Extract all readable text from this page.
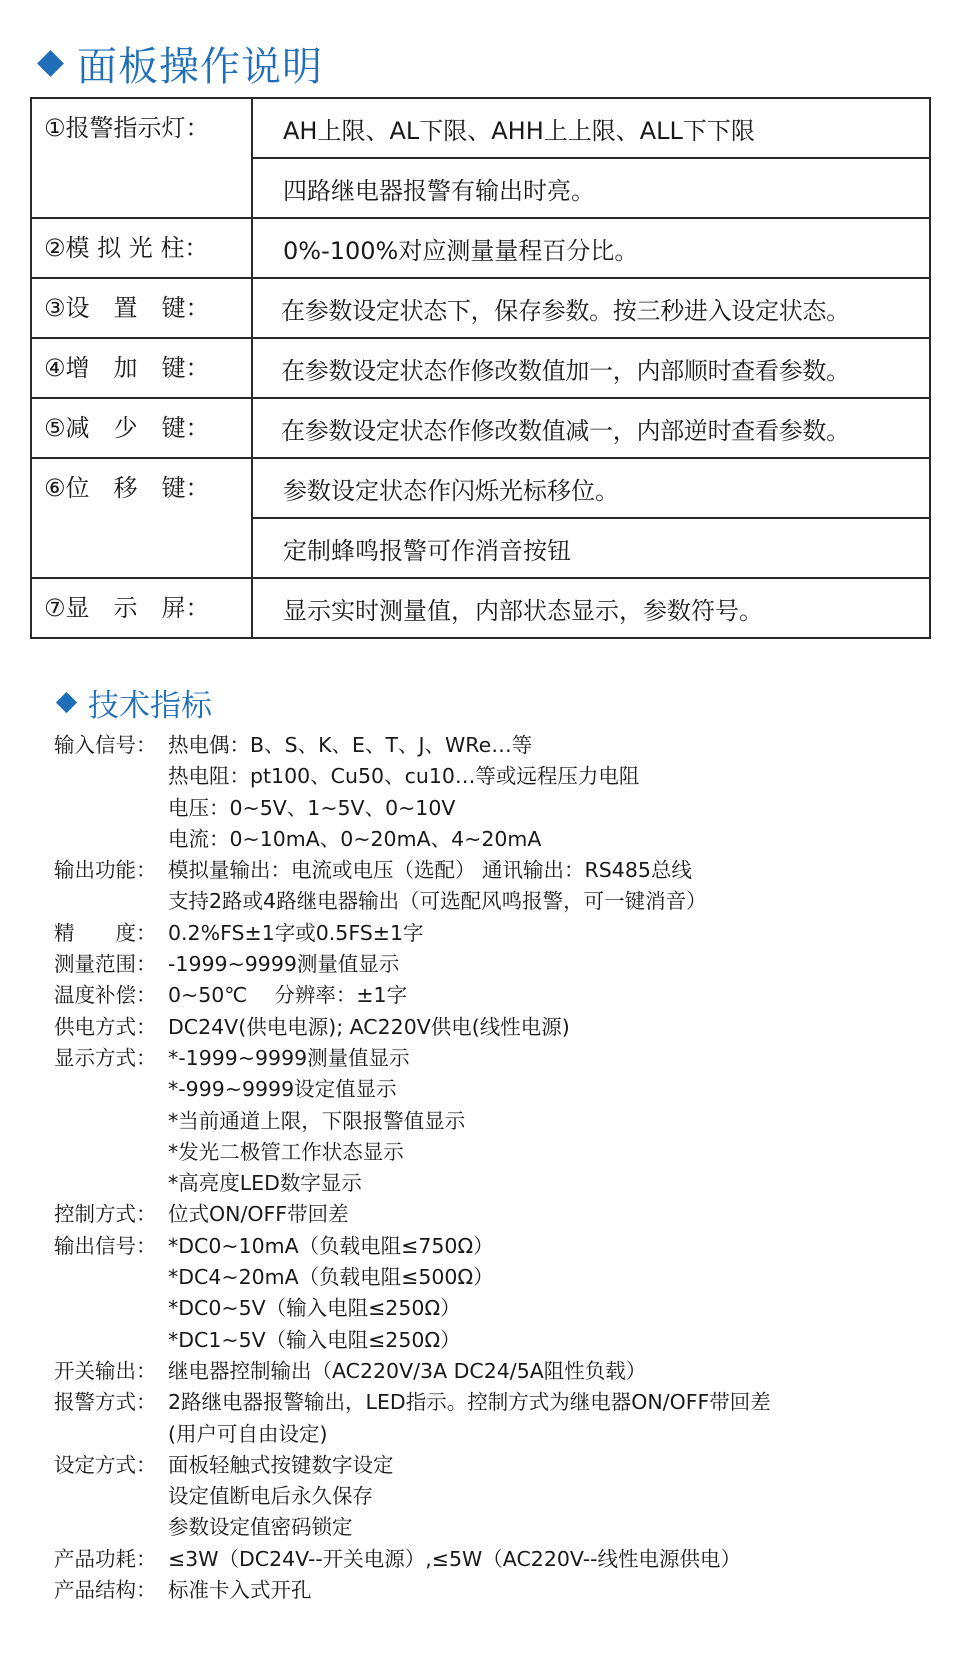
面板操作说明
①报警指示灯：	AH上限、AL下限、AHH上上限、ALL下下限
	四路继电器报警有输出时亮。

②模 拟 光 柱：	0%-100%对应测量量程百分比。

③设　置　键：	在参数设定状态下，保存参数。按三秒进入设定状态。

④增　加　键：	在参数设定状态作修改数值加一，内部顺时查看参数。

⑤减　少　键：	在参数设定状态作修改数值减一，内部逆时查看参数。

⑥位　移　键：	参数设定状态作闪烁光标移位。
	定制蜂鸣报警可作消音按钮

⑦显　示　屏：	显示实时测量值，内部状态显示，参数符号。
技术指标
输入信号： 热电偶：B、S、K、E、T、J、WRe…等
热电阻：pt100、Cu50、cu10…等或远程压力电阻
电压：0~5V、1~5V、0~10V
电流：0~10mA、0~20mA、4~20mA
输出功能： 模拟量输出：电流或电压（选配） 通讯输出：RS485总线
支持2路或4路继电器输出（可选配风鸣报警，可一键消音）
精　　度： 0.2%FS±1字或0.5FS±1字
测量范围： -1999~9999测量值显示
温度补偿： 0~50℃　 分辨率：±1字
供电方式： DC24V(供电电源); AC220V供电(线性电源)
显示方式： *-1999~9999测量值显示
*-999~9999设定值显示
*当前通道上限，下限报警值显示
*发光二极管工作状态显示
*高亮度LED数字显示
控制方式： 位式ON/OFF带回差
输出信号： *DC0~10mA（负载电阻≤750Ω）
*DC4~20mA（负载电阻≤500Ω）
*DC0~5V（输入电阻≤250Ω）
*DC1~5V（输入电阻≤250Ω）
开关输出： 继电器控制输出（AC220V/3A DC24/5A阻性负载）
报警方式： 2路继电器报警输出，LED指示。控制方式为继电器ON/OFF带回差
(用户可自由设定)
设定方式： 面板轻触式按键数字设定
设定值断电后永久保存
参数设定值密码锁定
产品功耗： ≤3W（DC24V--开关电源）,≤5W（AC220V--线性电源供电）
产品结构： 标准卡入式开孔
